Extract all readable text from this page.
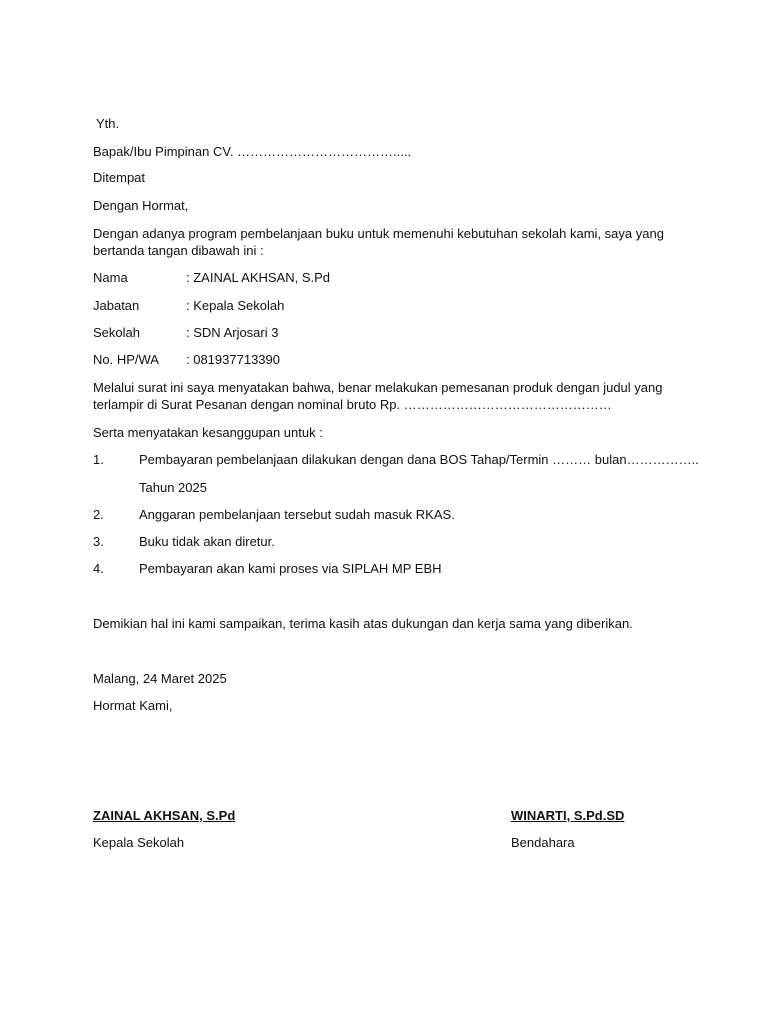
Yth.
Bapak/Ibu Pimpinan CV. ……………………………….....
Ditempat
Dengan Hormat,
Dengan adanya program pembelanjaan buku untuk memenuhi kebutuhan sekolah kami, saya yang bertanda tangan dibawah ini :
Nama	: ZAINAL AKHSAN, S.Pd
Jabatan	: Kepala Sekolah
Sekolah	: SDN Arjosari 3
No. HP/WA : 081937713390
Melalui surat ini saya menyatakan bahwa, benar melakukan pemesanan produk dengan judul yang terlampir di Surat Pesanan dengan nominal bruto Rp. …………………………………………
Serta menyatakan kesanggupan untuk :
1.	Pembayaran pembelanjaan dilakukan dengan dana BOS Tahap/Termin ……… bulan……………..
Tahun 2025
2.	Anggaran pembelanjaan tersebut sudah masuk RKAS.
3.	Buku tidak akan diretur.
4.	Pembayaran akan kami proses via SIPLAH MP EBH
Demikian hal ini kami sampaikan, terima kasih atas dukungan dan kerja sama yang diberikan.
Malang, 24 Maret 2025
Hormat Kami,
ZAINAL AKHSAN, S.Pd
Kepala Sekolah
WINARTI, S.Pd.SD
Bendahara
